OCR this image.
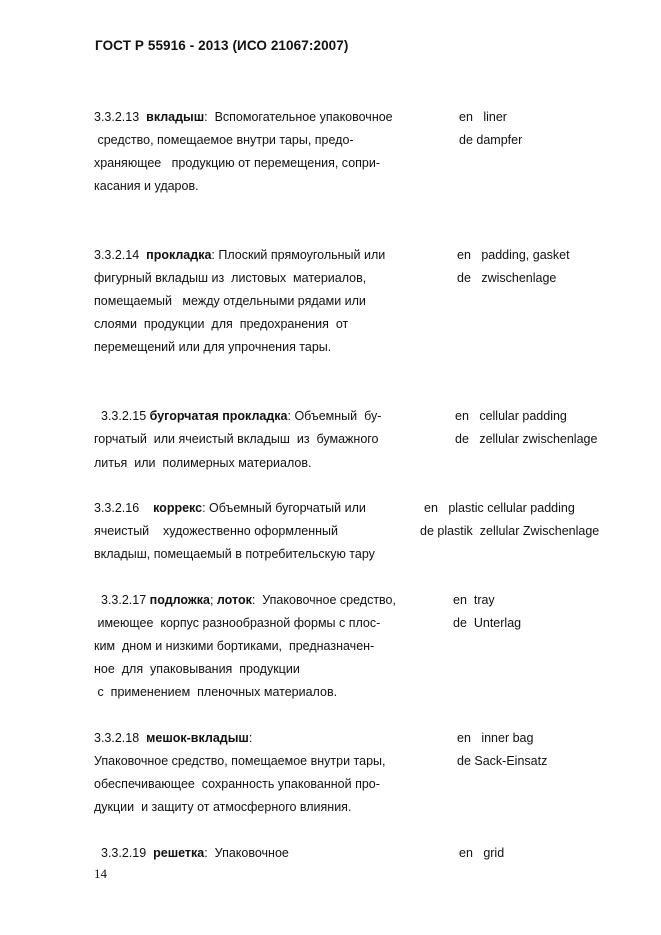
ГОСТ Р 55916 - 2013 (ИСО 21067:2007)
3.3.2.13 вкладыш:  Вспомогательное упаковочное
средство, помещаемое внутри тары, предо-
храняющее   продукцию от перемещения, сопри-
касания и ударов.
en   liner
de dampfer
3.3.2.14 прокладка: Плоский прямоугольный или
фигурный вкладыш из  листовых  материалов,
помещаемый   между отдельными рядами или
слоями  продукции  для  предохранения  от
перемещений или для упрочнения тары.
en   padding, gasket
de   zwischenlage
3.3.2.15 бугорчатая прокладка: Объемный  бу-
горчатый  или ячеистый вкладыш  из  бумажного
литья  или  полимерных материалов.
en   cellular padding
de   zellular zwischenlage
3.3.2.16 коррекс: Объемный бугорчатый или
ячеистый    художественно оформленный
вкладыш, помещаемый в потребительскую тару
en   plastic cellular padding
de plastik  zellular Zwischenlage
3.3.2.17 подложка; лоток:  Упаковочное средство,
имеющее  корпус разнообразной формы с плос-
ким  дном и низкими бортиками,  предназначен-
ное  для  упаковывания  продукции
с  применением  пленочных материалов.
en  tray
de  Unterlag
3.3.2.18 мешок-вкладыш:
Упаковочное средство, помещаемое внутри тары,
обеспечивающее  сохранность упакованной про-
дукции  и защиту от атмосферного влияния.
en   inner bag
de Sack-Einsatz
3.3.2.19 решетка:  Упаковочное	en   grid
14
